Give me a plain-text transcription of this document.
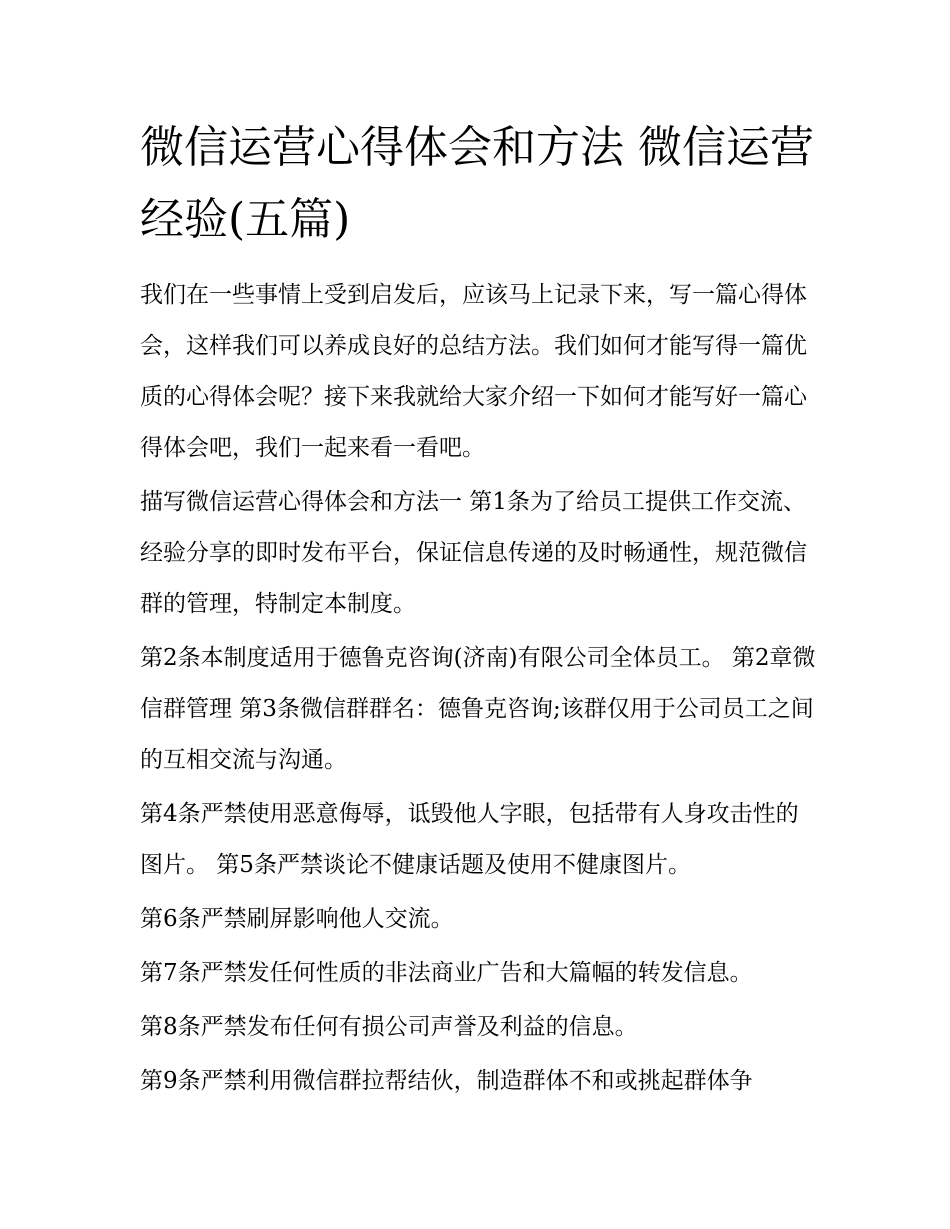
微信运营心得体会和方法 微信运营经验(五篇)

我们在一些事情上受到启发后，应该马上记录下来，写一篇心得体会，这样我们可以养成良好的总结方法。我们如何才能写得一篇优质的心得体会呢？接下来我就给大家介绍一下如何才能写好一篇心得体会吧，我们一起来看一看吧。

描写微信运营心得体会和方法一 第1条为了给员工提供工作交流、经验分享的即时发布平台，保证信息传递的及时畅通性，规范微信群的管理，特制定本制度。

第2条本制度适用于德鲁克咨询(济南)有限公司全体员工。 第2章微信群管理 第3条微信群群名：德鲁克咨询;该群仅用于公司员工之间的互相交流与沟通。

第4条严禁使用恶意侮辱，诋毁他人字眼，包括带有人身攻击性的图片。 第5条严禁谈论不健康话题及使用不健康图片。

第6条严禁刷屏影响他人交流。

第7条严禁发任何性质的非法商业广告和大篇幅的转发信息。

第8条严禁发布任何有损公司声誉及利益的信息。

第9条严禁利用微信群拉帮结伙，制造群体不和或挑起群体争
